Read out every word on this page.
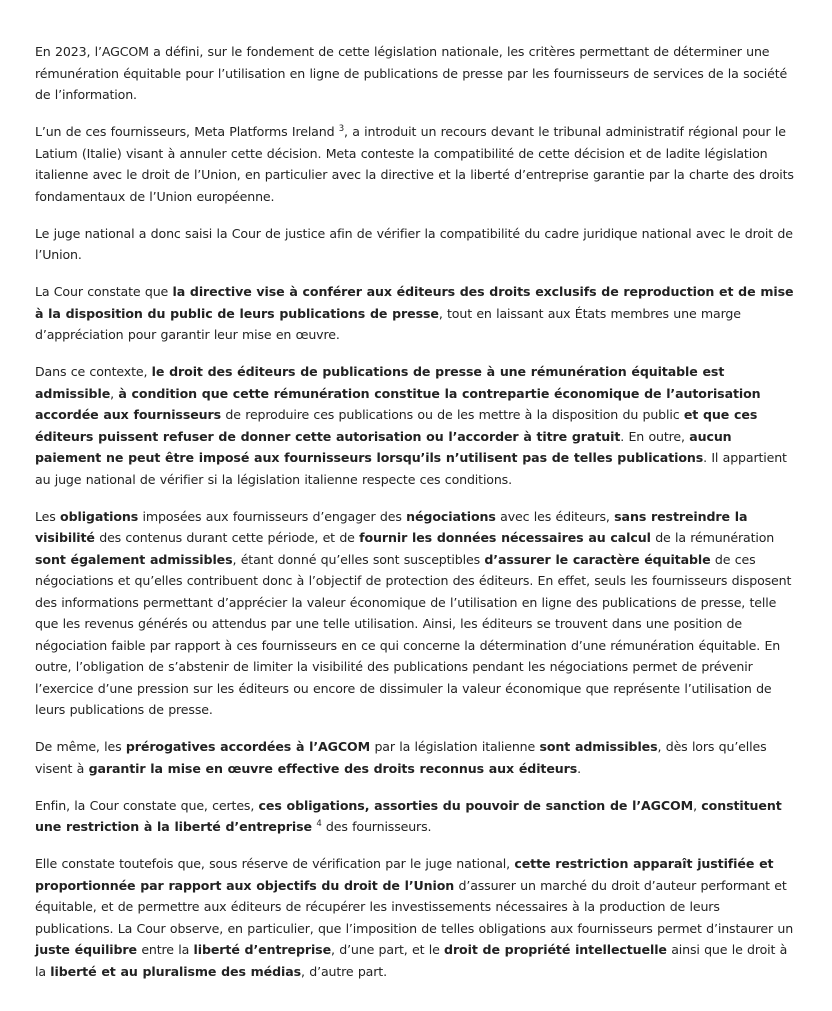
En 2023, l’AGCOM a défini, sur le fondement de cette législation nationale, les critères permettant de déterminer une rémunération équitable pour l’utilisation en ligne de publications de presse par les fournisseurs de services de la société de l’information.

L’un de ces fournisseurs, Meta Platforms Ireland $^3$, a introduit un recours devant le tribunal administratif régional pour le Latium (Italie) visant à annuler cette décision. Meta conteste la compatibilité de cette décision et de ladite législation italienne avec le droit de l’Union, en particulier avec la directive et la liberté d’entreprise garantie par la charte des droits fondamentaux de l’Union européenne.

Le juge national a donc saisi la Cour de justice afin de vérifier la compatibilité du cadre juridique national avec le droit de l’Union.

La Cour constate que la directive vise à conférer aux éditeurs des droits exclusifs de reproduction et de mise à la disposition du public de leurs publications de presse, tout en laissant aux États membres une marge d’appréciation pour garantir leur mise en œuvre.

Dans ce contexte, le droit des éditeurs de publications de presse à une rémunération équitable est admissible, à condition que cette rémunération constitue la contrepartie économique de l’autorisation accordée aux fournisseurs de reproduire ces publications ou de les mettre à la disposition du public et que ces éditeurs puissent refuser de donner cette autorisation ou l’accorder à titre gratuit. En outre, aucun paiement ne peut être imposé aux fournisseurs lorsqu’ils n’utilisent pas de telles publications. Il appartient au juge national de vérifier si la législation italienne respecte ces conditions.

Les obligations imposées aux fournisseurs d’engager des négociations avec les éditeurs, sans restreindre la visibilité des contenus durant cette période, et de fournir les données nécessaires au calcul de la rémunération sont également admissibles, étant donné qu’elles sont susceptibles d’assurer le caractère équitable de ces négociations et qu’elles contribuent donc à l’objectif de protection des éditeurs. En effet, seuls les fournisseurs disposent des informations permettant d’apprécier la valeur économique de l’utilisation en ligne des publications de presse, telle que les revenus générés ou attendus par une telle utilisation. Ainsi, les éditeurs se trouvent dans une position de négociation faible par rapport à ces fournisseurs en ce qui concerne la détermination d’une rémunération équitable. En outre, l’obligation de s’abstenir de limiter la visibilité des publications pendant les négociations permet de prévenir l’exercice d’une pression sur les éditeurs ou encore de dissimuler la valeur économique que représente l’utilisation de leurs publications de presse.

De même, les prérogatives accordées à l’AGCOM par la législation italienne sont admissibles, dès lors qu’elles visent à garantir la mise en œuvre effective des droits reconnus aux éditeurs.

Enfin, la Cour constate que, certes, ces obligations, assorties du pouvoir de sanction de l’AGCOM, constituent une restriction à la liberté d’entreprise $^4$ des fournisseurs.

Elle constate toutefois que, sous réserve de vérification par le juge national, cette restriction apparaît justifiée et proportionnée par rapport aux objectifs du droit de l’Union d’assurer un marché du droit d’auteur performant et équitable, et de permettre aux éditeurs de récupérer les investissements nécessaires à la production de leurs publications. La Cour observe, en particulier, que l’imposition de telles obligations aux fournisseurs permet d’instaurer un juste équilibre entre la liberté d’entreprise, d’une part, et le droit de propriété intellectuelle ainsi que le droit à la liberté et au pluralisme des médias, d’autre part.
